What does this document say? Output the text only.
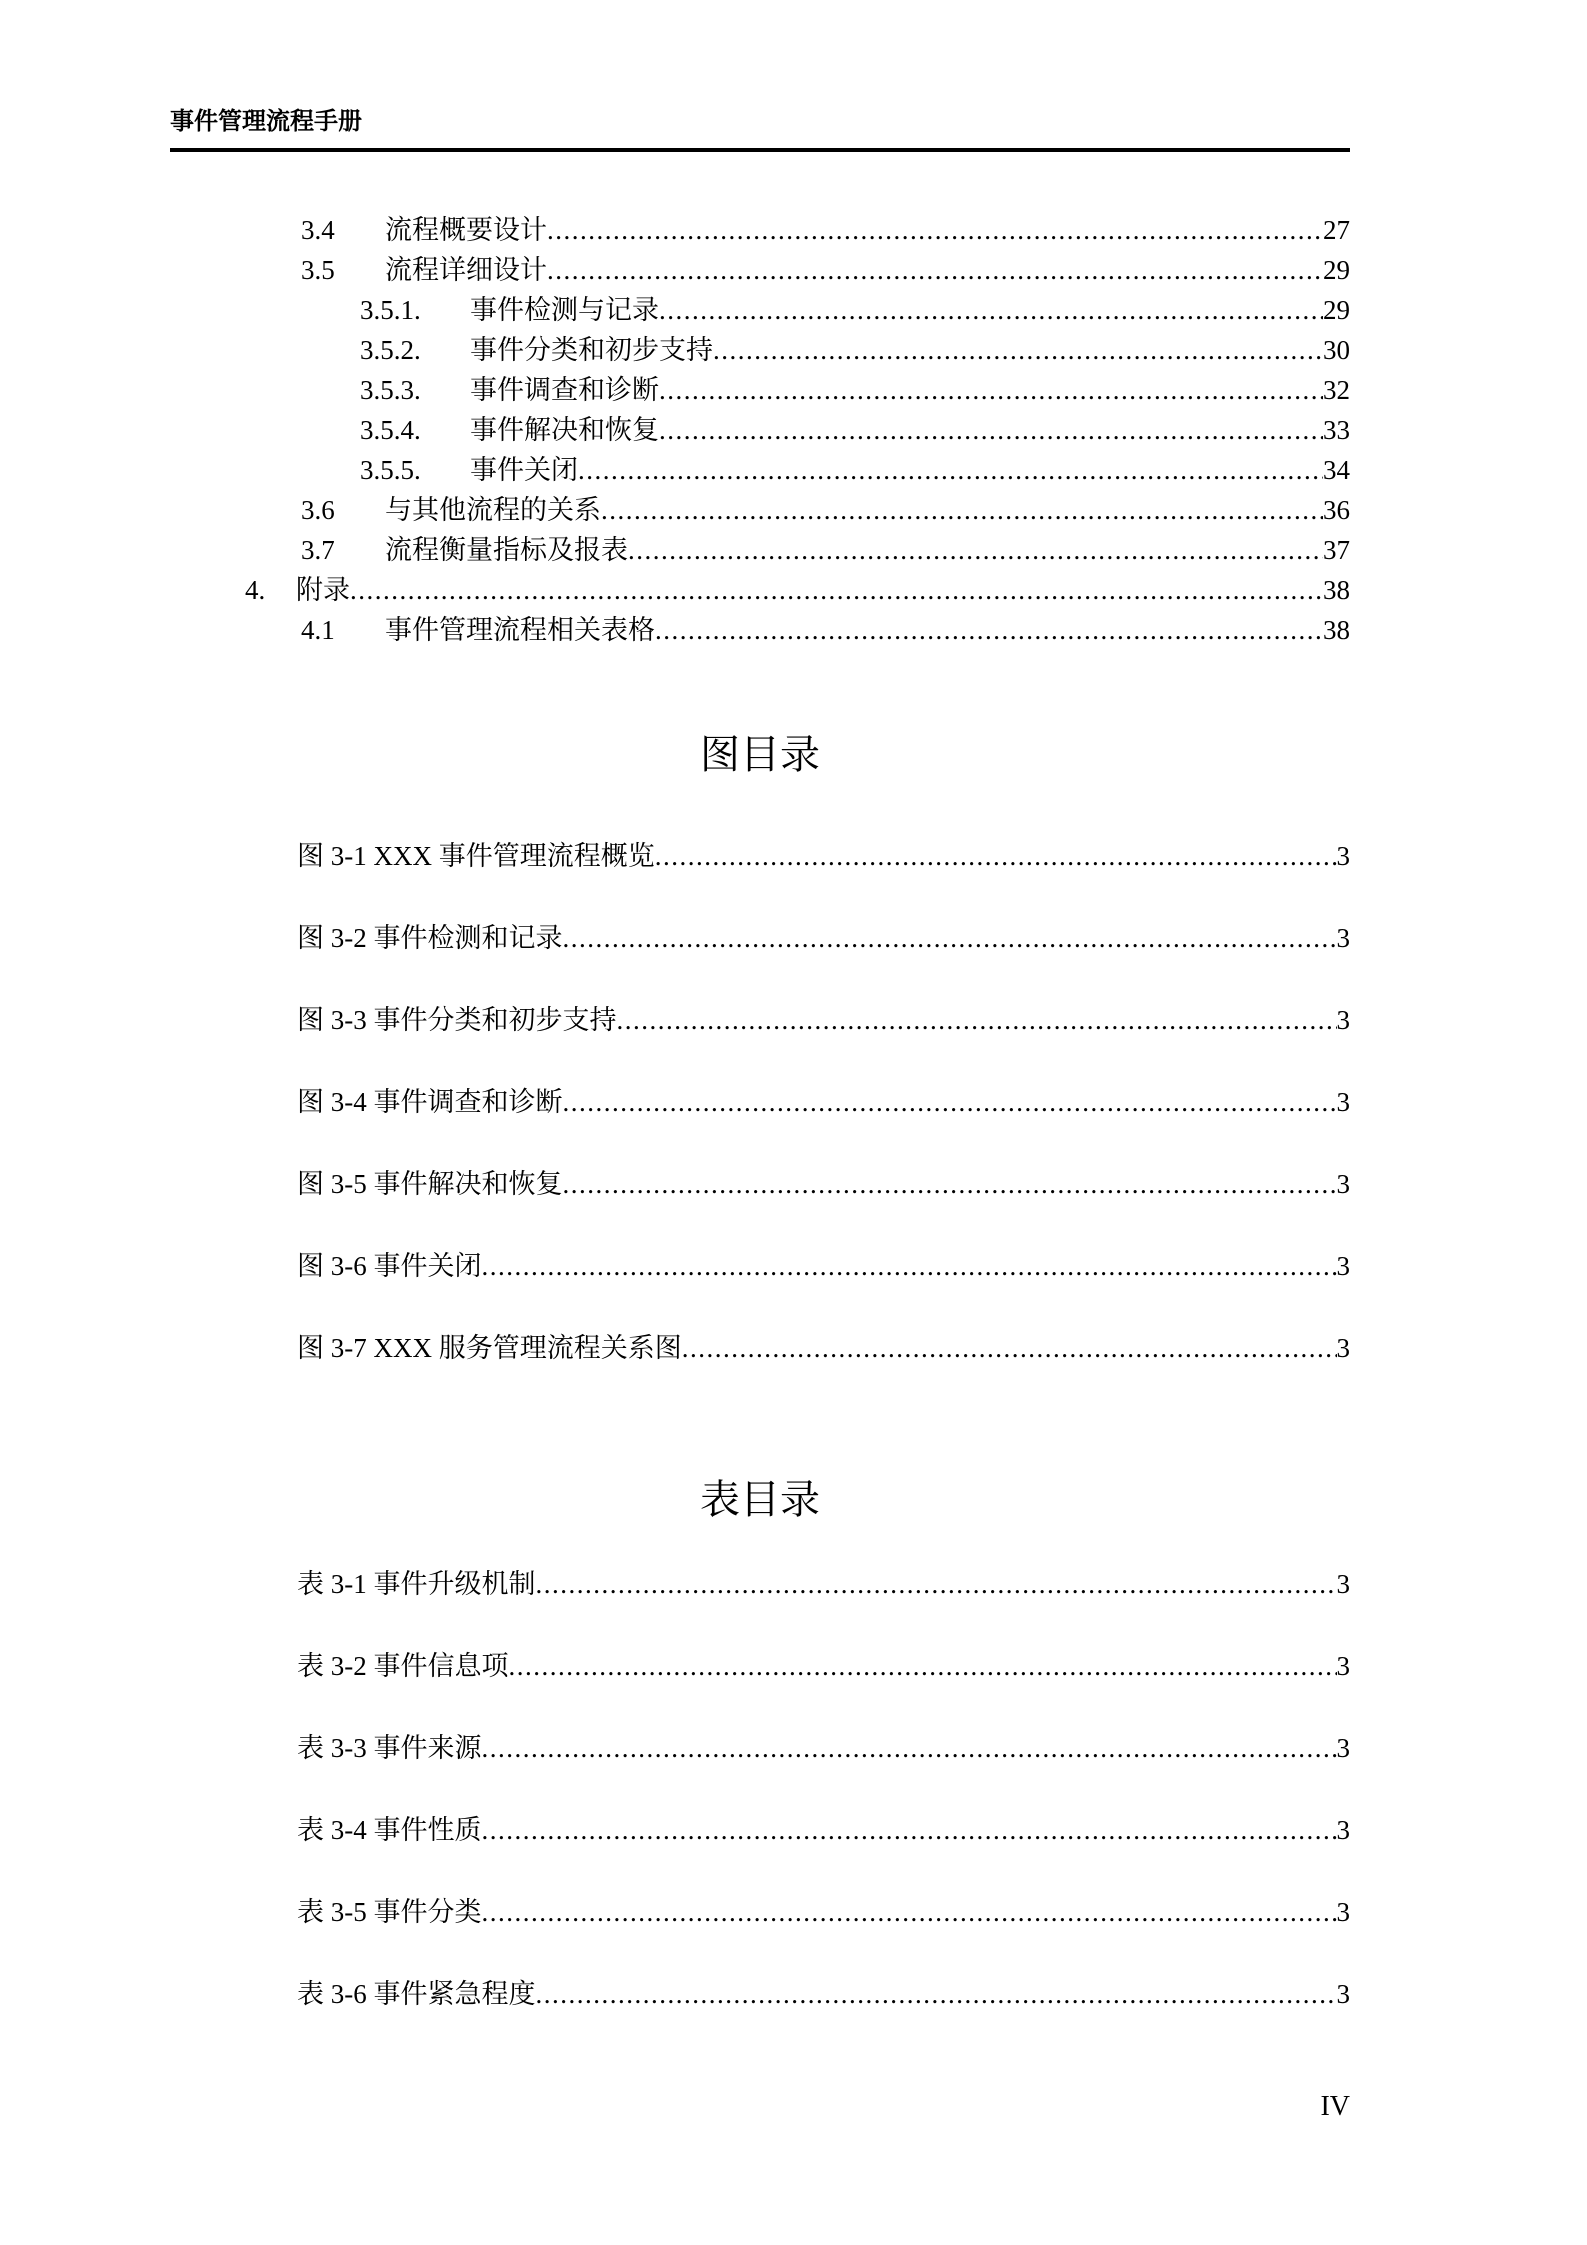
事件管理流程手册
3.4	流程概要设计 .....	27
3.5	流程详细设计 .....	29
3.5.1.	事件检测与记录 .....	29
3.5.2.	事件分类和初步支持 .....	30
3.5.3.	事件调查和诊断 .....	32
3.5.4.	事件解决和恢复 .....	33
3.5.5.	事件关闭 .....	34
3.6	与其他流程的关系 .....	36
3.7	流程衡量指标及报表 .....	37
4.	附录 .....	38
4.1	事件管理流程相关表格 .....	38
图目录
图 3-1 XXX 事件管理流程概览 .....	3
图 3-2 事件检测和记录 .....	3
图 3-3 事件分类和初步支持 .....	3
图 3-4 事件调查和诊断 .....	3
图 3-5 事件解决和恢复 .....	3
图 3-6 事件关闭 .....	3
图 3-7 XXX 服务管理流程关系图 .....	3
表目录
表 3-1 事件升级机制 .....	3
表 3-2 事件信息项 .....	3
表 3-3 事件来源 .....	3
表 3-4 事件性质 .....	3
表 3-5 事件分类 .....	3
表 3-6 事件紧急程度 .....	3
IV
